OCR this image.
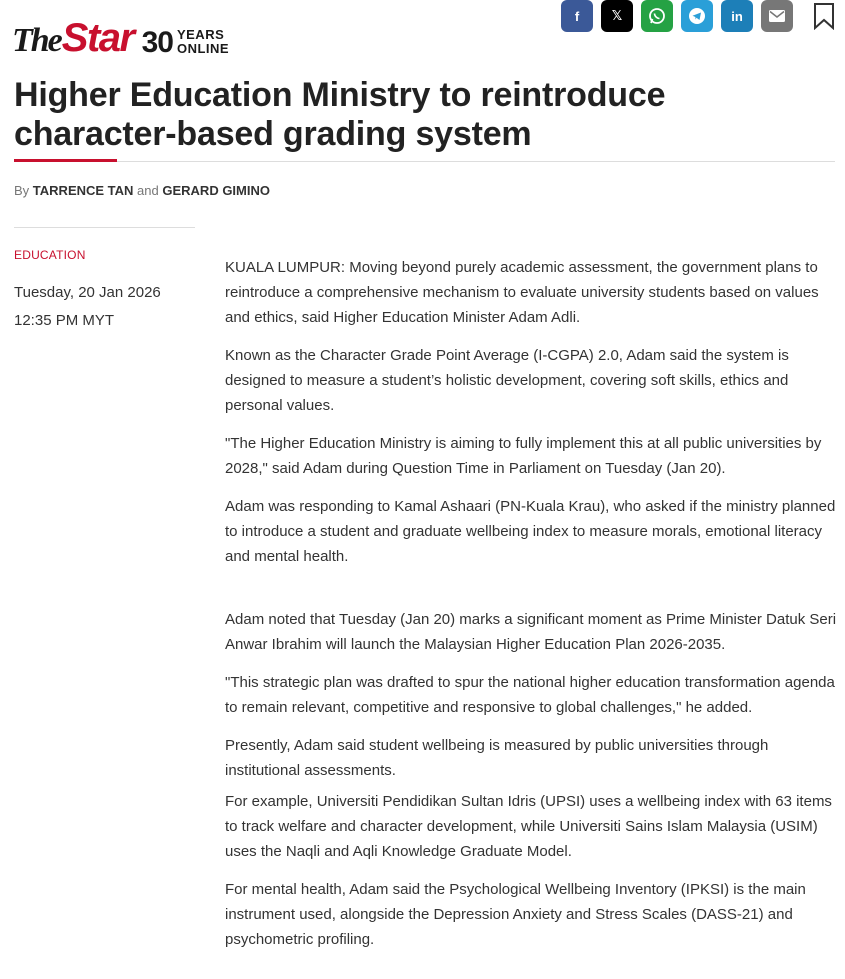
The Star 30 YEARS
ONLINE
Higher Education Ministry to reintroduce character-based grading system
By TARRENCE TAN and GERARD GIMINO
f	𝕏	in
EDUCATION
Tuesday, 20 Jan 2026
12:35 PM MYT

KUALA LUMPUR: Moving beyond purely academic assessment, the government plans to reintroduce a comprehensive mechanism to evaluate university students based on values and ethics, said Higher Education Minister Adam Adli.

Known as the Character Grade Point Average (I-CGPA) 2.0, Adam said the system is designed to measure a student’s holistic development, covering soft skills, ethics and personal values.

"The Higher Education Ministry is aiming to fully implement this at all public universities by 2028," said Adam during Question Time in Parliament on Tuesday (Jan 20).

Adam was responding to Kamal Ashaari (PN-Kuala Krau), who asked if the ministry planned to introduce a student and graduate wellbeing index to measure morals, emotional literacy and mental health.

Adam noted that Tuesday (Jan 20) marks a significant moment as Prime Minister Datuk Seri Anwar Ibrahim will launch the Malaysian Higher Education Plan 2026-2035.

"This strategic plan was drafted to spur the national higher education transformation agenda to remain relevant, competitive and responsive to global challenges," he added.

Presently, Adam said student wellbeing is measured by public universities through institutional assessments.

For example, Universiti Pendidikan Sultan Idris (UPSI) uses a wellbeing index with 63 items to track welfare and character development, while Universiti Sains Islam Malaysia (USIM) uses the Naqli and Aqli Knowledge Graduate Model.

For mental health, Adam said the Psychological Wellbeing Inventory (IPKSI) is the main instrument used, alongside the Depression Anxiety and Stress Scales (DASS-21) and psychometric profiling.
